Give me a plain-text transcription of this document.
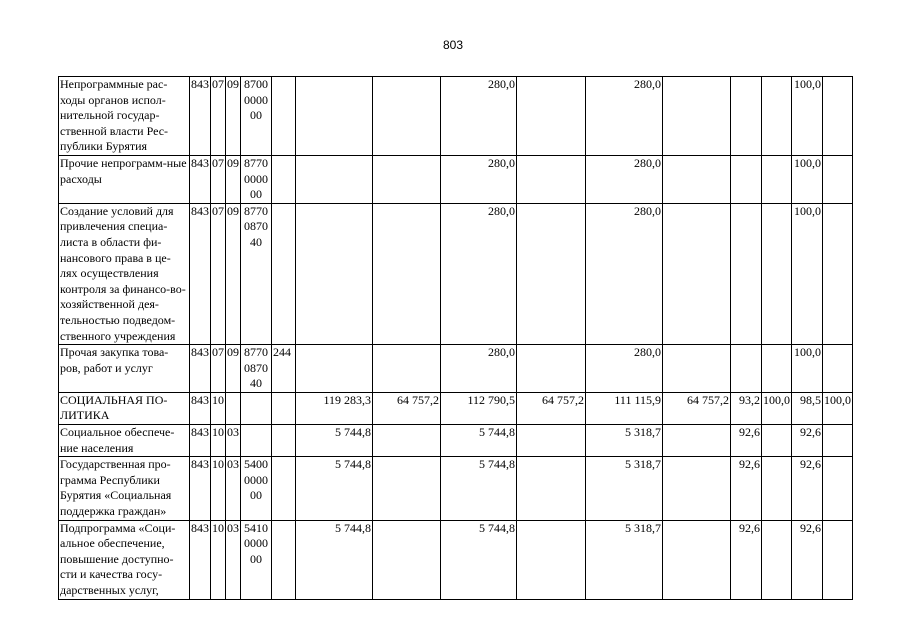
803
Непрограммные рас-ходы органов испол-нительной государ-ственной власти Рес-публики Бурятия	843	07	09	8700 0000 00				280,0		280,0				100,0	
Прочие непрограмм-ные расходы	843	07	09	8770 0000 00				280,0		280,0				100,0	
Создание условий для привлечения специа-листа в области фи-нансового права в це-лях осуществления контроля за финансо-во-хозяйственной дея-тельностью подведом-ственного учреждения	843	07	09	8770 0870 40				280,0		280,0				100,0	
Прочая закупка това-ров, работ и услуг	843	07	09	8770 0870 40	244			280,0		280,0				100,0	
СОЦИАЛЬНАЯ ПО-ЛИТИКА	843	10				119 283,3	64 757,2	112 790,5	64 757,2	111 115,9	64 757,2	93,2	100,0	98,5	100,0
Социальное обеспече-ние населения	843	10	03			5 744,8		5 744,8		5 318,7		92,6		92,6	
Государственная про-грамма Республики Бурятия «Социальная поддержка граждан»	843	10	03	5400 0000 00		5 744,8		5 744,8		5 318,7		92,6		92,6	
Подпрограмма «Соци-альное обеспечение, повышение доступно-сти и качества госу-дарственных услуг,	843	10	03	5410 0000 00		5 744,8		5 744,8		5 318,7		92,6		92,6	
